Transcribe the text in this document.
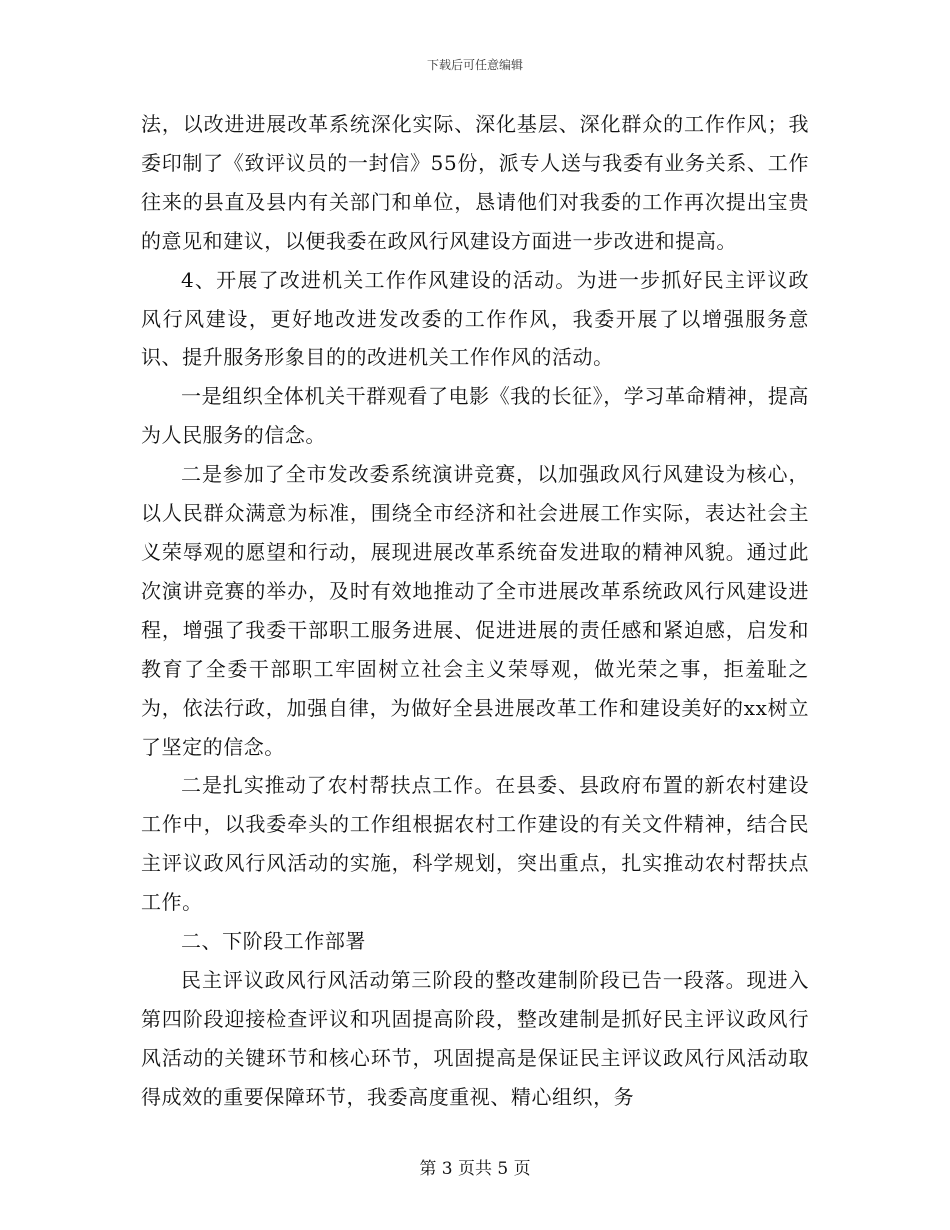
下载后可任意编辑

法，以改进进展改革系统深化实际、深化基层、深化群众的工作作风；我委印制了《致评议员的一封信》55份，派专人送与我委有业务关系、工作往来的县直及县内有关部门和单位，恳请他们对我委的工作再次提出宝贵的意见和建议，以便我委在政风行风建设方面进一步改进和提高。

4、开展了改进机关工作作风建设的活动。为进一步抓好民主评议政风行风建设，更好地改进发改委的工作作风，我委开展了以增强服务意识、提升服务形象目的的改进机关工作作风的活动。

一是组织全体机关干群观看了电影《我的长征》，学习革命精神，提高为人民服务的信念。

二是参加了全市发改委系统演讲竞赛，以加强政风行风建设为核心，以人民群众满意为标准，围绕全市经济和社会进展工作实际，表达社会主义荣辱观的愿望和行动，展现进展改革系统奋发进取的精神风貌。通过此次演讲竞赛的举办，及时有效地推动了全市进展改革系统政风行风建设进程，增强了我委干部职工服务进展、促进进展的责任感和紧迫感，启发和教育了全委干部职工牢固树立社会主义荣辱观，做光荣之事，拒羞耻之为，依法行政，加强自律，为做好全县进展改革工作和建设美好的xx树立了坚定的信念。

二是扎实推动了农村帮扶点工作。在县委、县政府布置的新农村建设工作中，以我委牵头的工作组根据农村工作建设的有关文件精神，结合民主评议政风行风活动的实施，科学规划，突出重点，扎实推动农村帮扶点工作。

二、下阶段工作部署

民主评议政风行风活动第三阶段的整改建制阶段已告一段落。现进入第四阶段迎接检查评议和巩固提高阶段，整改建制是抓好民主评议政风行风活动的关键环节和核心环节，巩固提高是保证民主评议政风行风活动取得成效的重要保障环节，我委高度重视、精心组织，务

第 3 页共 5 页
